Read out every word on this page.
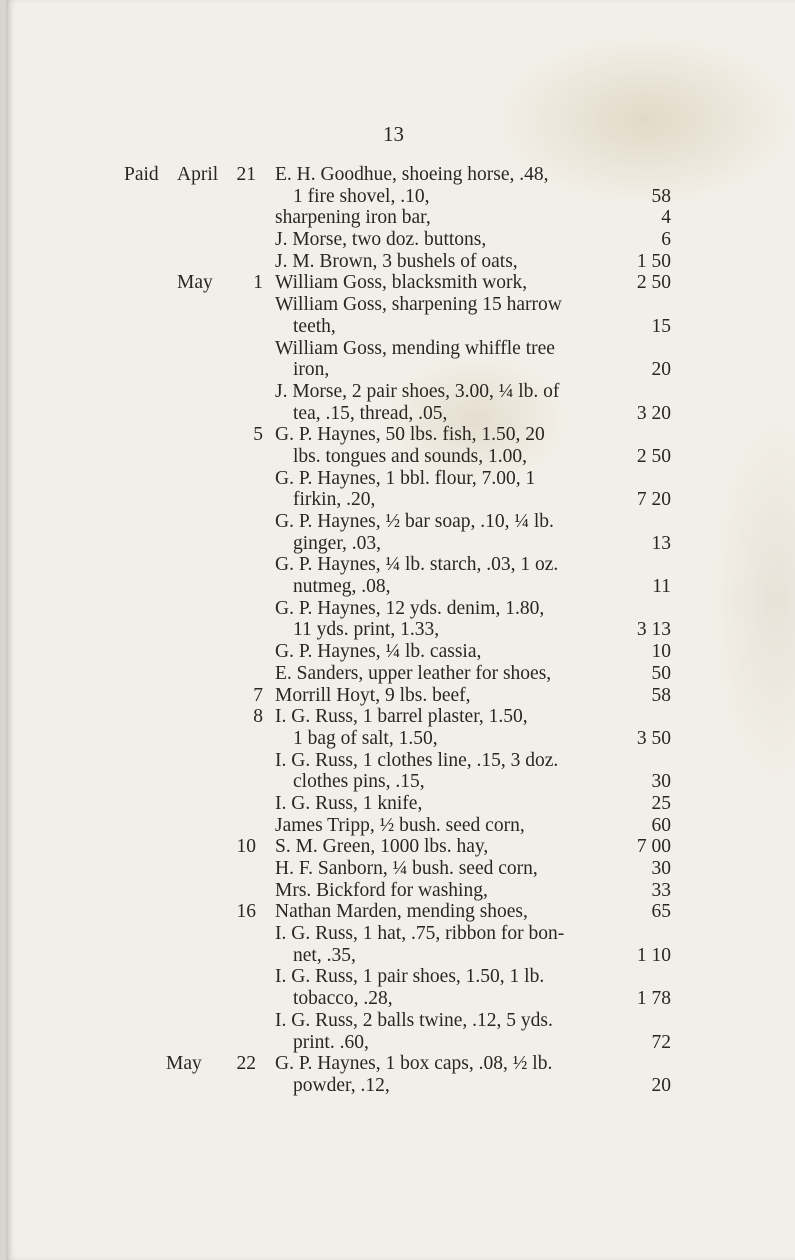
13
Paid April 21 E. H. Goodhue, shoeing horse, .48,
1 fire shovel, .10,	58
sharpening iron bar,	4
J. Morse, two doz. buttons,	6
J. M. Brown, 3 bushels of oats,	1 50
May 1 William Goss, blacksmith work,	2 50
William Goss, sharpening 15 harrow
teeth,	15
William Goss, mending whiffle tree
iron,	20
J. Morse, 2 pair shoes, 3.00, ¼ lb. of
tea, .15, thread, .05,	3 20
5 G. P. Haynes, 50 lbs. fish, 1.50, 20
lbs. tongues and sounds, 1.00,	2 50
G. P. Haynes, 1 bbl. flour, 7.00, 1
firkin, .20,	7 20
G. P. Haynes, ½ bar soap, .10, ¼ lb.
ginger, .03,	13
G. P. Haynes, ¼ lb. starch, .03, 1 oz.
nutmeg, .08,	11
G. P. Haynes, 12 yds. denim, 1.80,
11 yds. print, 1.33,	3 13
G. P. Haynes, ¼ lb. cassia,	10
E. Sanders, upper leather for shoes,	50
7 Morrill Hoyt, 9 lbs. beef,	58
8 I. G. Russ, 1 barrel plaster, 1.50,
1 bag of salt, 1.50,	3 50
I. G. Russ, 1 clothes line, .15, 3 doz.
clothes pins, .15,	30
I. G. Russ, 1 knife,	25
James Tripp, ½ bush. seed corn,	60
10 S. M. Green, 1000 lbs. hay,	7 00
H. F. Sanborn, ¼ bush. seed corn,	30
Mrs. Bickford for washing,	33
16 Nathan Marden, mending shoes,	65
I. G. Russ, 1 hat, .75, ribbon for bon-
net, .35,	1 10
I. G. Russ, 1 pair shoes, 1.50, 1 lb.
tobacco, .28,	1 78
I. G. Russ, 2 balls twine, .12, 5 yds.
print. .60,	72
May 22 G. P. Haynes, 1 box caps, .08, ½ lb.
powder, .12,	20
